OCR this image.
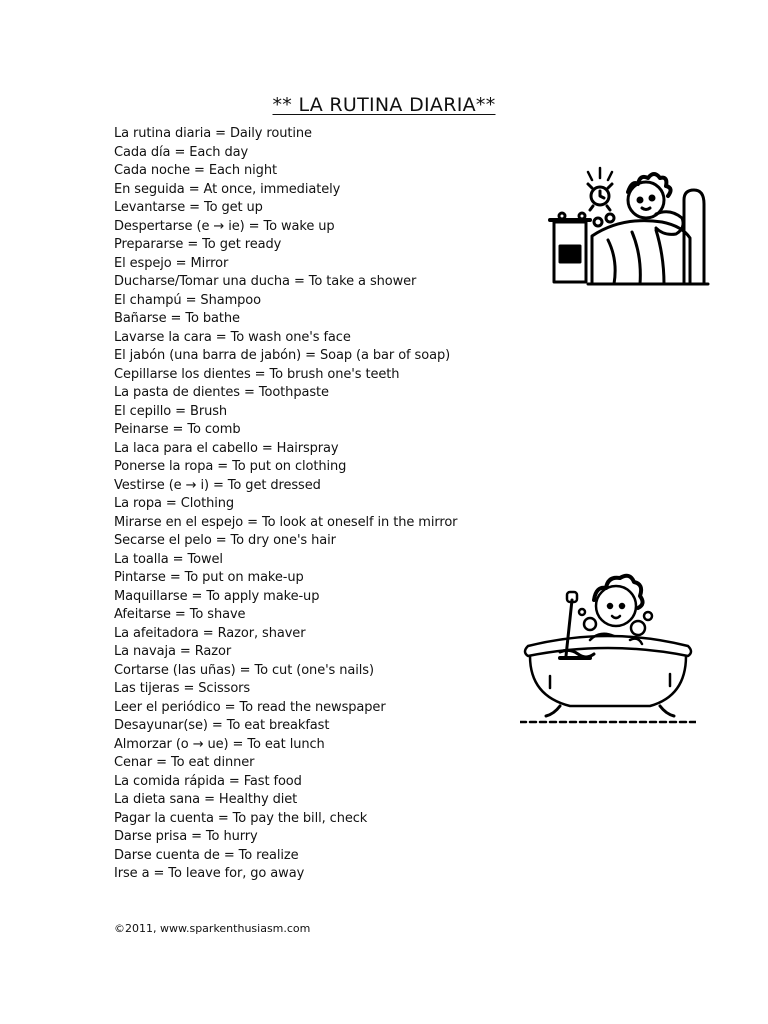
** LA RUTINA DIARIA**
La rutina diaria = Daily routine
Cada día = Each day
Cada noche = Each night
En seguida = At once, immediately
Levantarse = To get up
Despertarse (e → ie) = To wake up
Prepararse = To get ready
El espejo = Mirror
Ducharse/Tomar una ducha = To take a shower
El champú = Shampoo
Bañarse = To bathe
Lavarse la cara = To wash one's face
El jabón (una barra de jabón) = Soap (a bar of soap)
Cepillarse los dientes = To brush one's teeth
La pasta de dientes = Toothpaste
El cepillo = Brush
Peinarse = To comb
La laca para el cabello = Hairspray
Ponerse la ropa = To put on clothing
Vestirse (e → i) = To get dressed
La ropa = Clothing
Mirarse en el espejo = To look at oneself in the mirror
Secarse el pelo = To dry one's hair
La toalla = Towel
Pintarse = To put on make-up
Maquillarse = To apply make-up
Afeitarse = To shave
La afeitadora = Razor, shaver
La navaja = Razor
Cortarse (las uñas) = To cut (one's nails)
Las tijeras = Scissors
Leer el periódico = To read the newspaper
Desayunar(se) = To eat breakfast
Almorzar (o → ue) = To eat lunch
Cenar = To eat dinner
La comida rápida = Fast food
La dieta sana = Healthy diet
Pagar la cuenta = To pay the bill, check
Darse prisa = To hurry
Darse cuenta de = To realize
Irse a = To leave for, go away
©2011, www.sparkenthusiasm.com
